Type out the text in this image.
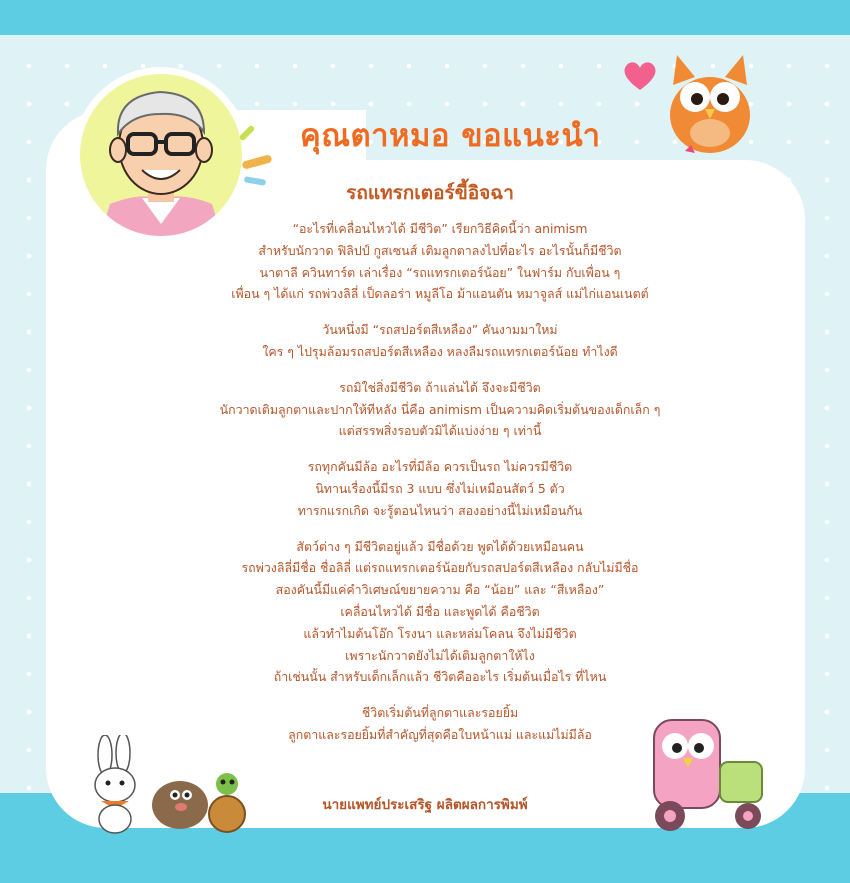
คุณตาหมอ ขอแนะนำ
รถแทรกเตอร์ขี้อิจฉา
“อะไรที่เคลื่อนไหวได้ มีชีวิต” เรียกวิธีคิดนี้ว่า animism
สำหรับนักวาด ฟิลิปป์ กูสเซนส์ เติมลูกตาลงไปที่อะไร อะไรนั้นก็มีชีวิต
นาตาลี ควินทาร์ต เล่าเรื่อง “รถแทรกเตอร์น้อย” ในฟาร์ม กับเพื่อน ๆ
เพื่อน ๆ ได้แก่ รถพ่วงลิลี่ เป็ดลอร่า หมูลีโอ ม้าแอนตัน หมาจูลส์ แม่ไก่แอนเนตต์
วันหนึ่งมี “รถสปอร์ตสีเหลือง” คันงามมาใหม่
ใคร ๆ ไปรุมล้อมรถสปอร์ตสีเหลือง หลงลืมรถแทรกเตอร์น้อย ทำไงดี
รถมิใช่สิ่งมีชีวิต ถ้าแล่นได้ จึงจะมีชีวิต
นักวาดเติมลูกตาและปากให้ทีหลัง นี่คือ animism เป็นความคิดเริ่มต้นของเด็กเล็ก ๆ
แต่สรรพสิ่งรอบตัวมิได้แบ่งง่าย ๆ เท่านี้
รถทุกคันมีล้อ อะไรที่มีล้อ ควรเป็นรถ ไม่ควรมีชีวิต
นิทานเรื่องนี้มีรถ 3 แบบ ซึ่งไม่เหมือนสัตว์ 5 ตัว
ทารกแรกเกิด จะรู้ตอนไหนว่า สองอย่างนี้ไม่เหมือนกัน
สัตว์ต่าง ๆ มีชีวิตอยู่แล้ว มีชื่อด้วย พูดได้ด้วยเหมือนคน
รถพ่วงลิลี่มีชื่อ ชื่อลิลี่ แต่รถแทรกเตอร์น้อยกับรถสปอร์ตสีเหลือง กลับไม่มีชื่อ
สองคันนี้มีแค่คำวิเศษณ์ขยายความ คือ “น้อย” และ “สีเหลือง”
เคลื่อนไหวได้ มีชื่อ และพูดได้ คือชีวิต
แล้วทำไมต้นโอ๊ก โรงนา และหล่มโคลน จึงไม่มีชีวิต
เพราะนักวาดยังไม่ได้เติมลูกตาให้ไง
ถ้าเช่นนั้น สำหรับเด็กเล็กแล้ว ชีวิตคืออะไร เริ่มต้นเมื่อไร ที่ไหน
ชีวิตเริ่มต้นที่ลูกตาและรอยยิ้ม
ลูกตาและรอยยิ้มที่สำคัญที่สุดคือใบหน้าแม่ และแม่ไม่มีล้อ
นายแพทย์ประเสริฐ ผลิตผลการพิมพ์
